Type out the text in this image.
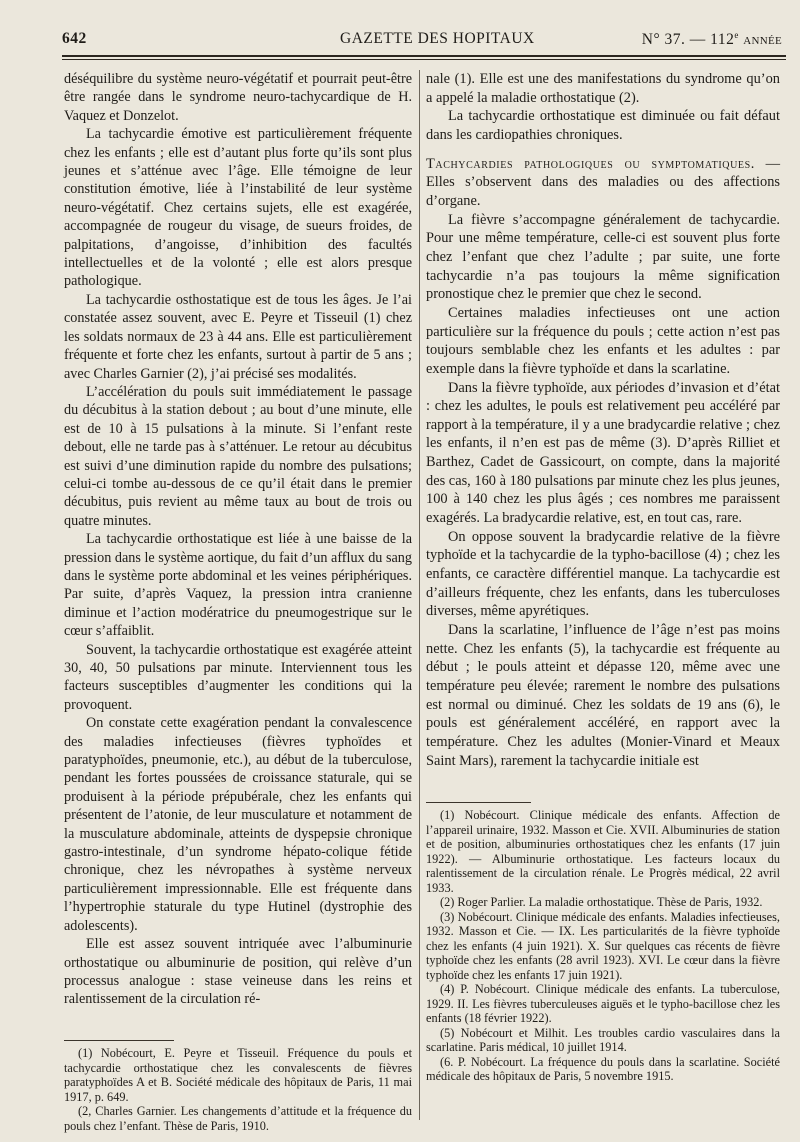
642	GAZETTE DES HOPITAUX	N° 37. — 112e ANNÉE

déséquilibre du système neuro-végétatif et pourrait peut-être être rangée dans le syndrome neuro-tachycardique de H. Vaquez et Donzelot.

La tachycardie émotive est particulièrement fréquente chez les enfants ; elle est d’autant plus forte qu’ils sont plus jeunes et s’atténue avec l’âge. Elle témoigne de leur constitution émotive, liée à l’instabilité de leur système neuro-végétatif. Chez certains sujets, elle est exagérée, accompagnée de rougeur du visage, de sueurs froides, de palpitations, d’angoisse, d’inhibition des facultés intellectuelles et de la volonté ; elle est alors presque pathologique.

La tachycardie osthostatique est de tous les âges. Je l’ai constatée assez souvent, avec E. Peyre et Tisseuil (1) chez les soldats normaux de 23 à 44 ans. Elle est particulièrement fréquente et forte chez les enfants, surtout à partir de 5 ans ; avec Charles Garnier (2), j’ai précisé ses modalités.

L’accélération du pouls suit immédiatement le passage du décubitus à la station debout ; au bout d’une minute, elle est de 10 à 15 pulsations à la minute. Si l’enfant reste debout, elle ne tarde pas à s’atténuer. Le retour au décubitus est suivi d’une diminution rapide du nombre des pulsations; celui-ci tombe au-dessous de ce qu’il était dans le premier décubitus, puis revient au même taux au bout de trois ou quatre minutes.

La tachycardie orthostatique est liée à une baisse de la pression dans le système aortique, du fait d’un afflux du sang dans le système porte abdominal et les veines périphériques. Par suite, d’après Vaquez, la pression intra cranienne diminue et l’action modératrice du pneumogestrique sur le cœur s’affaiblit.

Souvent, la tachycardie orthostatique est exagérée atteint 30, 40, 50 pulsations par minute. Interviennent tous les facteurs susceptibles d’augmenter les conditions qui la provoquent.

On constate cette exagération pendant la convalescence des maladies infectieuses (fièvres typhoïdes et paratyphoïdes, pneumonie, etc.), au début de la tuberculose, pendant les fortes poussées de croissance staturale, qui se produisent à la période prépubérale, chez les enfants qui présentent de l’atonie, de leur musculature et notamment de la musculature abdominale, atteints de dyspepsie chronique gastro-intestinale, d’un syndrome hépato-colique fétide chronique, chez les névropathes à système nerveux particulièrement impressionnable. Elle est fréquente dans l’hypertrophie staturale du type Hutinel (dystrophie des adolescents).

Elle est assez souvent intriquée avec l’albuminurie orthostatique ou albuminurie de position, qui relève d’un processus analogue : stase veineuse dans les reins et ralentissement de la circulation ré-

nale (1). Elle est une des manifestations du syndrome qu’on a appelé la maladie orthostatique (2).

La tachycardie orthostatique est diminuée ou fait défaut dans les cardiopathies chroniques.

Tachycardies pathologiques ou symptomatiques. — Elles s’observent dans des maladies ou des affections d’organe.

La fièvre s’accompagne généralement de tachycardie. Pour une même température, celle-ci est souvent plus forte chez l’enfant que chez l’adulte ; par suite, une forte tachycardie n’a pas toujours la même signification pronostique chez le premier que chez le second.

Certaines maladies infectieuses ont une action particulière sur la fréquence du pouls ; cette action n’est pas toujours semblable chez les enfants et les adultes : par exemple dans la fièvre typhoïde et dans la scarlatine.

Dans la fièvre typhoïde, aux périodes d’invasion et d’état : chez les adultes, le pouls est relativement peu accéléré par rapport à la température, il y a une bradycardie relative ; chez les enfants, il n’en est pas de même (3). D’après Rilliet et Barthez, Cadet de Gassicourt, on compte, dans la majorité des cas, 160 à 180 pulsations par minute chez les plus jeunes, 100 à 140 chez les plus âgés ; ces nombres me paraissent exagérés. La bradycardie relative, est, en tout cas, rare.

On oppose souvent la bradycardie relative de la fièvre typhoïde et la tachycardie de la typho-bacillose (4) ; chez les enfants, ce caractère différentiel manque. La tachycardie est d’ailleurs fréquente, chez les enfants, dans les tuberculoses diverses, même apyrétiques.

Dans la scarlatine, l’influence de l’âge n’est pas moins nette. Chez les enfants (5), la tachycardie est fréquente au début ; le pouls atteint et dépasse 120, même avec une température peu élevée; rarement le nombre des pulsations est normal ou diminué. Chez les soldats de 19 ans (6), le pouls est généralement accéléré, en rapport avec la température. Chez les adultes (Monier-Vinard et Meaux Saint Mars), rarement la tachycardie initiale est

(1) Nobécourt. Clinique médicale des enfants. Affection de l’appareil urinaire, 1932. Masson et Cie. XVII. Albuminuries de station et de position, albuminuries orthostatiques chez les enfants (17 juin 1922). — Albuminurie orthostatique. Les facteurs locaux du ralentissement de la circulation rénale. Le Progrès médical, 22 avril 1933.

(2) Roger Parlier. La maladie orthostatique. Thèse de Paris, 1932.

(3) Nobécourt. Clinique médicale des enfants. Maladies infectieuses, 1932. Masson et Cie. — IX. Les particularités de la fièvre typhoïde chez les enfants (4 juin 1921). X. Sur quelques cas récents de fièvre typhoïde chez les enfants (28 avril 1923). XVI. Le cœur dans la fièvre typhoïde chez les enfants 17 juin 1921).

(4) P. Nobécourt. Clinique médicale des enfants. La tuberculose, 1929. II. Les fièvres tuberculeuses aiguës et le typho-bacillose chez les enfants (18 février 1922).

(5) Nobécourt et Milhit. Les troubles cardio vasculaires dans la scarlatine. Paris médical, 10 juillet 1914.

(6. P. Nobécourt. La fréquence du pouls dans la scarlatine. Société médicale des hôpitaux de Paris, 5 novembre 1915.

(1) Nobécourt, E. Peyre et Tisseuil. Fréquence du pouls et tachycardie orthostatique chez les convalescents de fièvres paratyphoïdes A et B. Société médicale des hôpitaux de Paris, 11 mai 1917, p. 649.

(2, Charles Garnier. Les changements d’attitude et la fréquence du pouls chez l’enfant. Thèse de Paris, 1910.
